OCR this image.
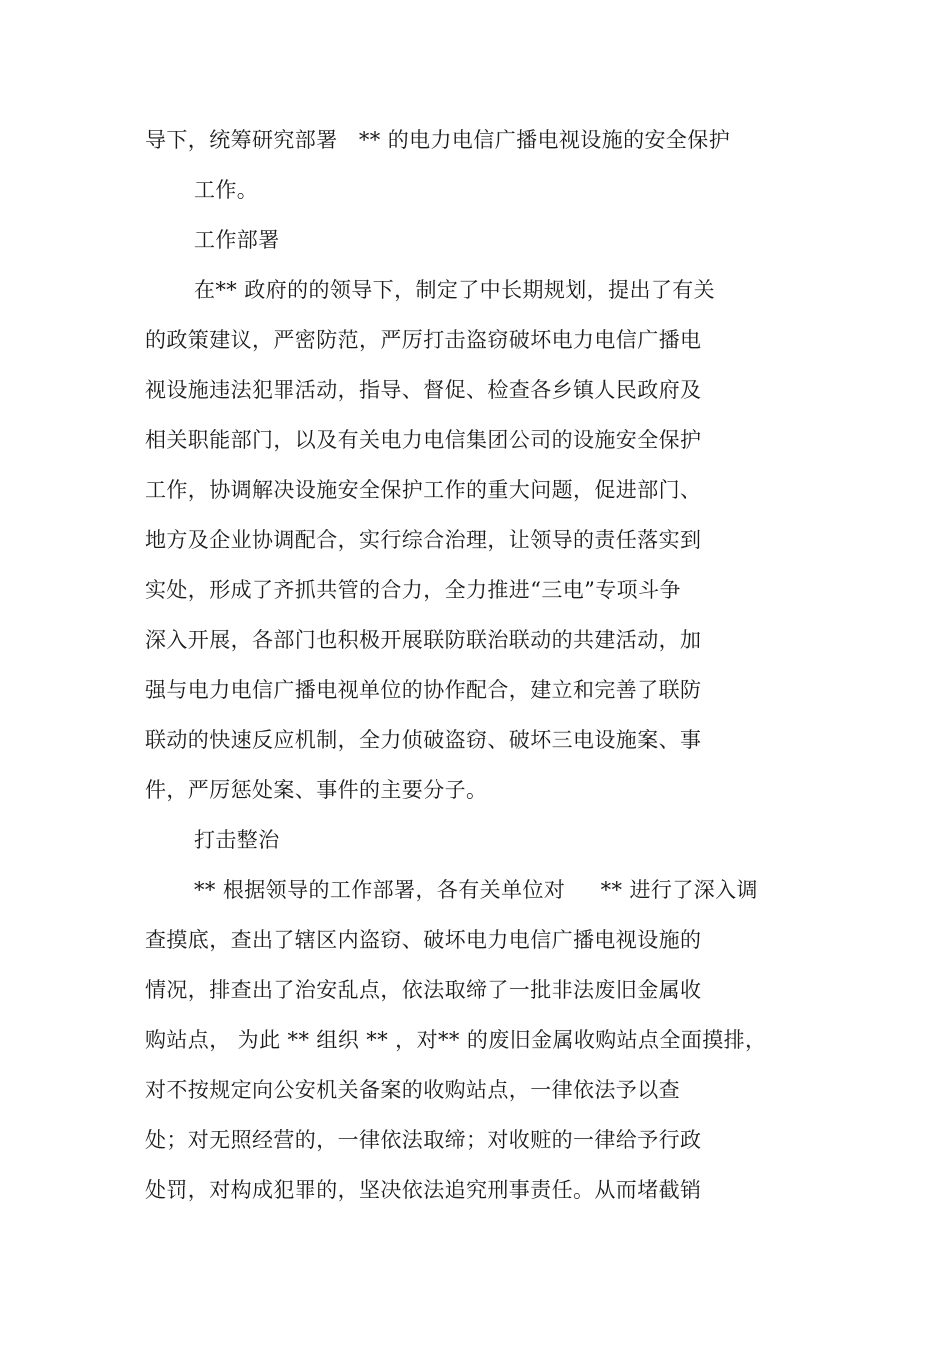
导下，统筹研究部署   ** 的电力电信广播电视设施的安全保护
工作。
工作部署
在** 政府的的领导下，制定了中长期规划，提出了有关
的政策建议，严密防范，严厉打击盗窃破坏电力电信广播电
视设施违法犯罪活动，指导、督促、检查各乡镇人民政府及
相关职能部门，以及有关电力电信集团公司的设施安全保护
工作，协调解决设施安全保护工作的重大问题，促进部门、
地方及企业协调配合，实行综合治理，让领导的责任落实到
实处，形成了齐抓共管的合力，全力推进“三电”专项斗争
深入开展，各部门也积极开展联防联治联动的共建活动，加
强与电力电信广播电视单位的协作配合，建立和完善了联防
联动的快速反应机制，全力侦破盗窃、破坏三电设施案、事
件，严厉惩处案、事件的主要分子。
打击整治
** 根据领导的工作部署，各有关单位对     ** 进行了深入调
查摸底，查出了辖区内盗窃、破坏电力电信广播电视设施的
情况，排查出了治安乱点，依法取缔了一批非法废旧金属收
购站点， 为此 ** 组织 ** ，对** 的废旧金属收购站点全面摸排，
对不按规定向公安机关备案的收购站点，一律依法予以查
处；对无照经营的，一律依法取缔；对收赃的一律给予行政
处罚，对构成犯罪的，坚决依法追究刑事责任。从而堵截销
